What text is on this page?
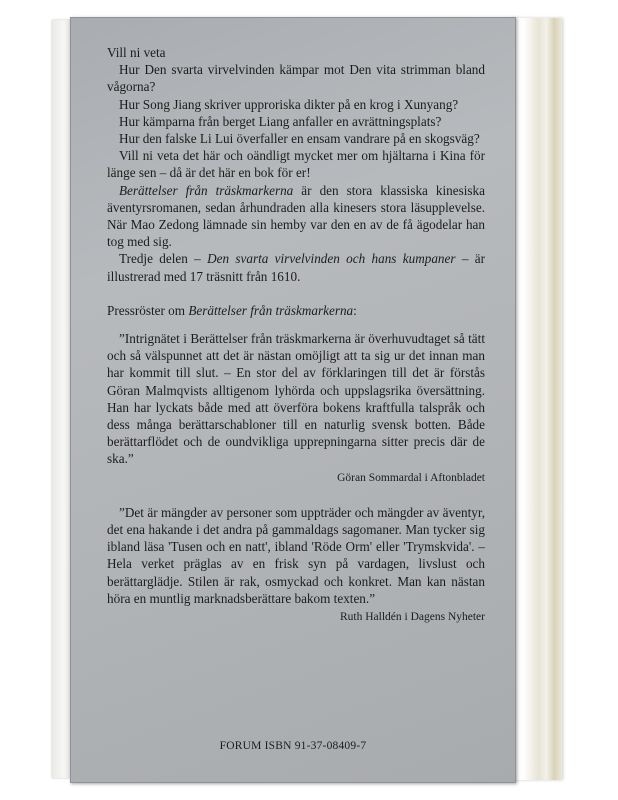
Vill ni veta

Hur Den svarta virvelvinden kämpar mot Den vita strimman bland vågorna?

Hur Song Jiang skriver upproriska dikter på en krog i Xunyang?

Hur kämparna från berget Liang anfaller en avrättningsplats?

Hur den falske Li Lui överfaller en ensam vandrare på en skogsväg?

Vill ni veta det här och oändligt mycket mer om hjältarna i Kina för länge sen – då är det här en bok för er!

Berättelser från träskmarkerna är den stora klassiska kinesiska äventyrsromanen, sedan århundraden alla kinesers stora läsupplevelse. När Mao Zedong lämnade sin hemby var den en av de få ägodelar han tog med sig.

Tredje delen – Den svarta virvelvinden och hans kumpaner – är illustrerad med 17 träsnitt från 1610.

Pressröster om Berättelser från träskmarkerna:

”Intrignätet i Berättelser från träskmarkerna är överhuvudtaget så tätt och så välspunnet att det är nästan omöjligt att ta sig ur det innan man har kommit till slut. – En stor del av förklaringen till det är förstås Göran Malmqvists alltigenom lyhörda och uppslagsrika översättning. Han har lyckats både med att överföra bokens kraftfulla talspråk och dess många berättarschabloner till en naturlig svensk botten. Både berättarflödet och de oundvikliga upprepningarna sitter precis där de ska.”

Göran Sommardal i Aftonbladet

”Det är mängder av personer som uppträder och mängder av äventyr, det ena hakande i det andra på gammaldags sagomaner. Man tycker sig ibland läsa 'Tusen och en natt', ibland 'Röde Orm' eller 'Trymskvida'. – Hela verket präglas av en frisk syn på vardagen, livslust och berättarglädje. Stilen är rak, osmyckad och konkret. Man kan nästan höra en muntlig marknadsberättare bakom texten.”

Ruth Halldén i Dagens Nyheter
FORUM ISBN 91-37-08409-7
